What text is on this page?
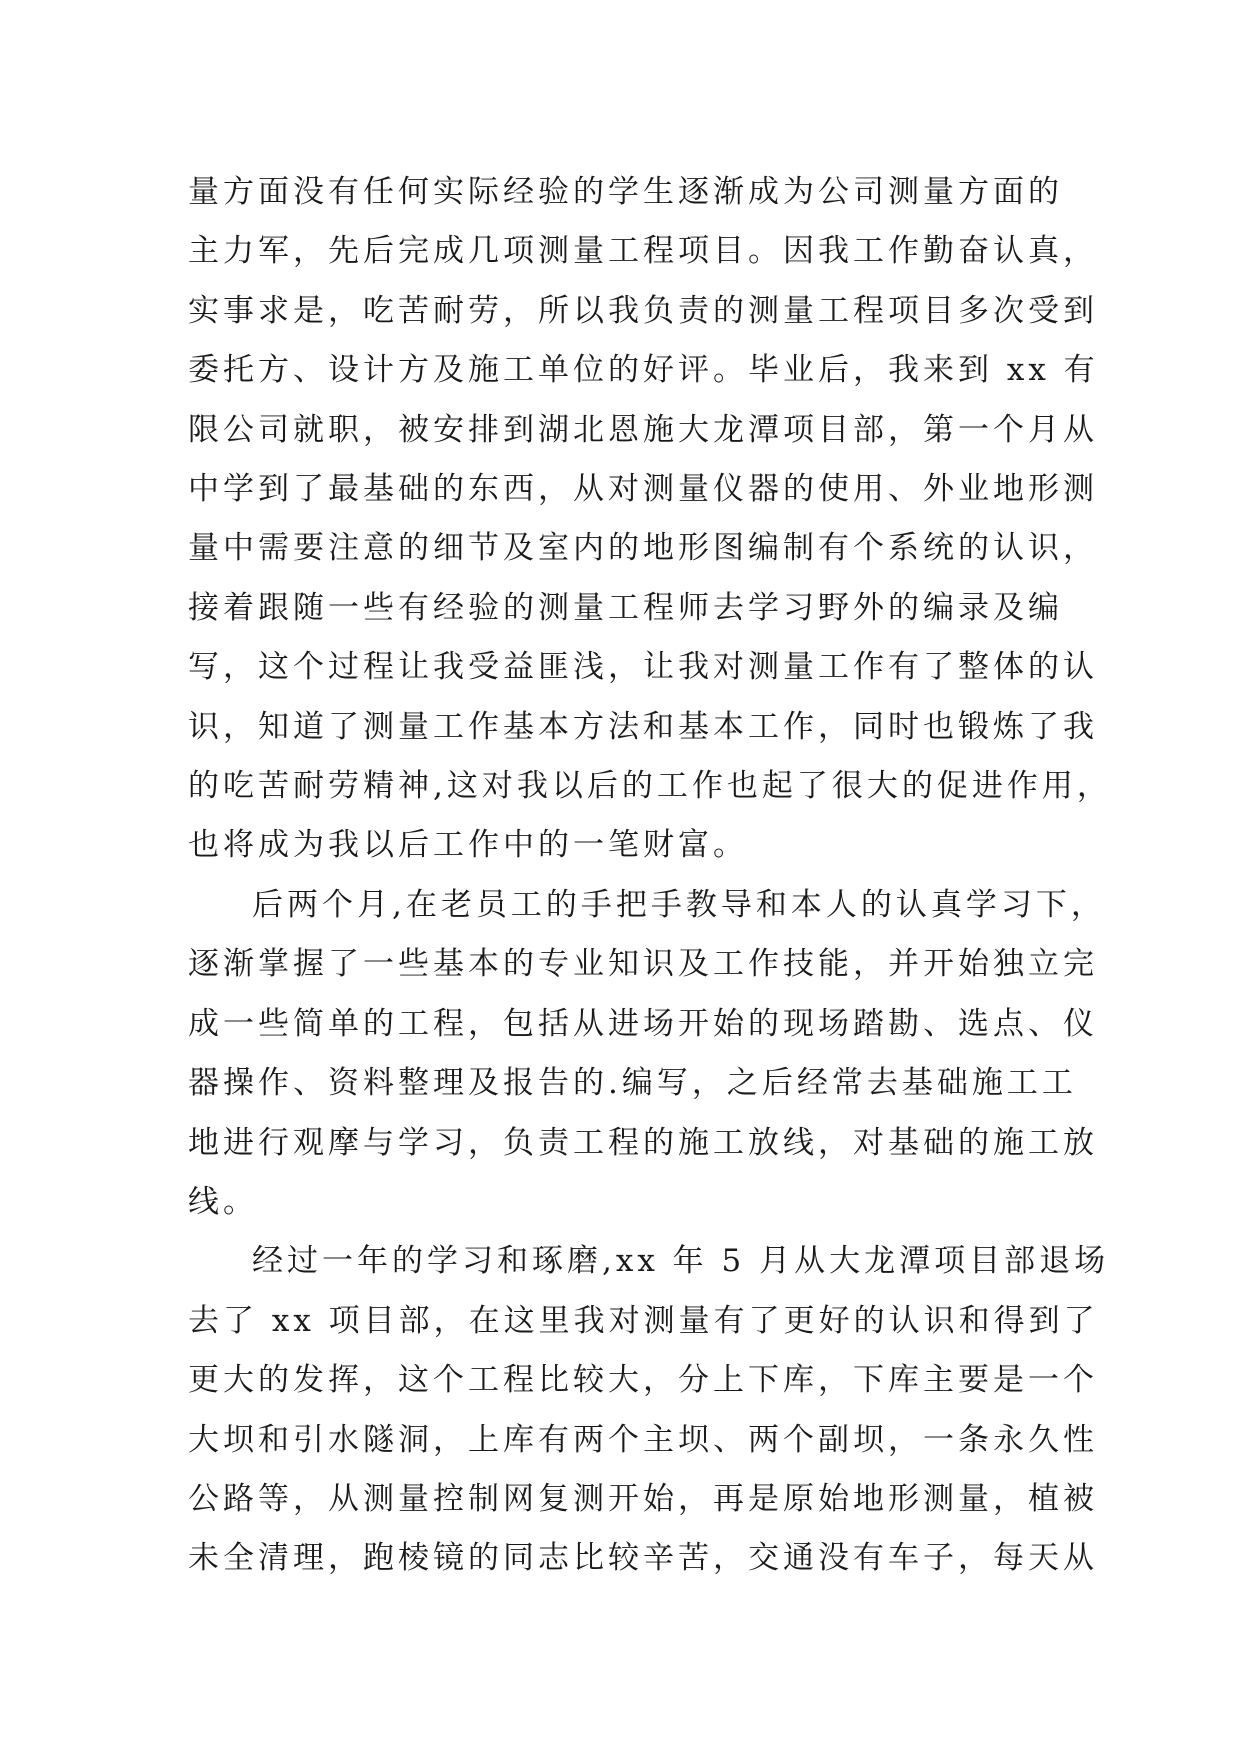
量方面没有任何实际经验的学生逐渐成为公司测量方面的
主力军，先后完成几项测量工程项目。因我工作勤奋认真，
实事求是，吃苦耐劳，所以我负责的测量工程项目多次受到
委托方、设计方及施工单位的好评。毕业后，我来到 xx 有
限公司就职，被安排到湖北恩施大龙潭项目部，第一个月从
中学到了最基础的东西，从对测量仪器的使用、外业地形测
量中需要注意的细节及室内的地形图编制有个系统的认识，
接着跟随一些有经验的测量工程师去学习野外的编录及编
写，这个过程让我受益匪浅，让我对测量工作有了整体的认
识，知道了测量工作基本方法和基本工作，同时也锻炼了我
的吃苦耐劳精神,这对我以后的工作也起了很大的促进作用，
也将成为我以后工作中的一笔财富。
后两个月,在老员工的手把手教导和本人的认真学习下，
逐渐掌握了一些基本的专业知识及工作技能，并开始独立完
成一些简单的工程，包括从进场开始的现场踏勘、选点、仪
器操作、资料整理及报告的.编写，之后经常去基础施工工
地进行观摩与学习，负责工程的施工放线，对基础的施工放
线。
经过一年的学习和琢磨,xx 年 5 月从大龙潭项目部退场
去了 xx 项目部，在这里我对测量有了更好的认识和得到了
更大的发挥，这个工程比较大，分上下库，下库主要是一个
大坝和引水隧洞，上库有两个主坝、两个副坝，一条永久性
公路等，从测量控制网复测开始，再是原始地形测量，植被
未全清理，跑棱镜的同志比较辛苦，交通没有车子，每天从
